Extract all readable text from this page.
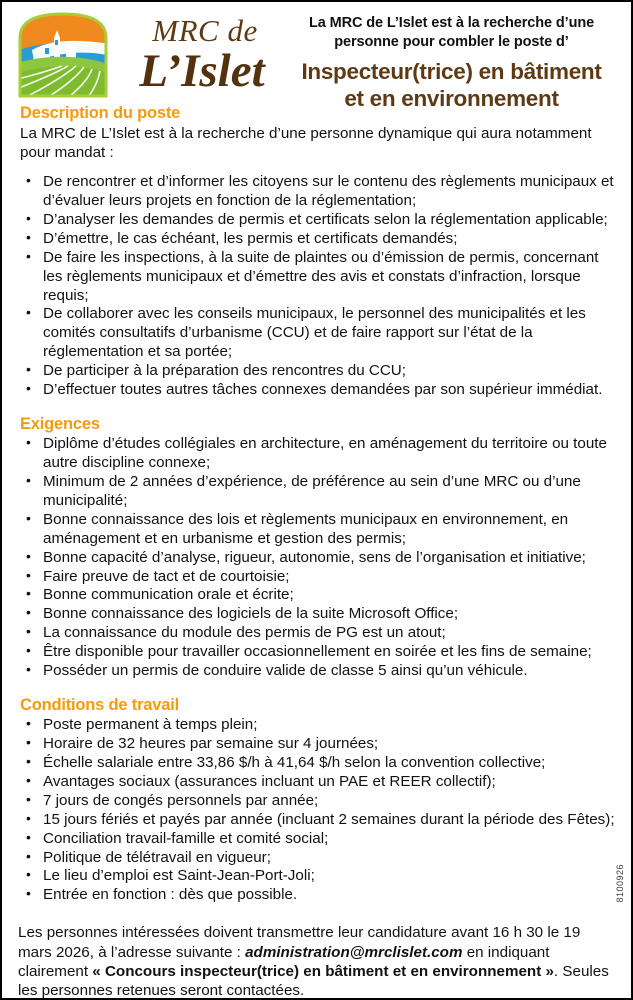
MRC de
L’Islet
La MRC de L’Islet est à la recherche d’une
personne pour combler le poste d’
Inspecteur(trice) en bâtiment
et en environnement
Description du poste

La MRC de L’Islet est à la recherche d’une personne dynamique qui aura notamment pour mandat :

• De rencontrer et d’informer les citoyens sur le contenu des règlements municipaux et d’évaluer leurs projets en fonction de la réglementation;
• D’analyser les demandes de permis et certificats selon la réglementation applicable;
• D’émettre, le cas échéant, les permis et certificats demandés;
• De faire les inspections, à la suite de plaintes ou d’émission de permis, concernant les règlements municipaux et d’émettre des avis et constats d’infraction, lorsque requis;
• De collaborer avec les conseils municipaux, le personnel des municipalités et les comités consultatifs d’urbanisme (CCU) et de faire rapport sur l’état de la réglementation et sa portée;
• De participer à la préparation des rencontres du CCU;
• D’effectuer toutes autres tâches connexes demandées par son supérieur immédiat.
Exigences
• Diplôme d’études collégiales en architecture, en aménagement du territoire ou toute autre discipline connexe;
• Minimum de 2 années d’expérience, de préférence au sein d’une MRC ou d’une municipalité;
• Bonne connaissance des lois et règlements municipaux en environnement, en aménagement et en urbanisme et gestion des permis;
• Bonne capacité d’analyse, rigueur, autonomie, sens de l’organisation et initiative;
• Faire preuve de tact et de courtoisie;
• Bonne communication orale et écrite;
• Bonne connaissance des logiciels de la suite Microsoft Office;
• La connaissance du module des permis de PG est un atout;
• Être disponible pour travailler occasionnellement en soirée et les fins de semaine;
• Posséder un permis de conduire valide de classe 5 ainsi qu’un véhicule.
Conditions de travail
• Poste permanent à temps plein;
• Horaire de 32 heures par semaine sur 4 journées;
• Échelle salariale entre 33,86 $/h à 41,64 $/h selon la convention collective;
• Avantages sociaux (assurances incluant un PAE et REER collectif);
• 7 jours de congés personnels par année;
• 15 jours fériés et payés par année (incluant 2 semaines durant la période des Fêtes);
• Conciliation travail-famille et comité social;
• Politique de télétravail en vigueur;
• Le lieu d’emploi est Saint-Jean-Port-Joli;
• Entrée en fonction : dès que possible.

Les personnes intéressées doivent transmettre leur candidature avant 16 h 30 le 19 mars 2026, à l’adresse suivante : administration@mrclislet.com en indiquant clairement « Concours inspecteur(trice) en bâtiment et en environnement ». Seules les personnes retenues seront contactées.

8100926
